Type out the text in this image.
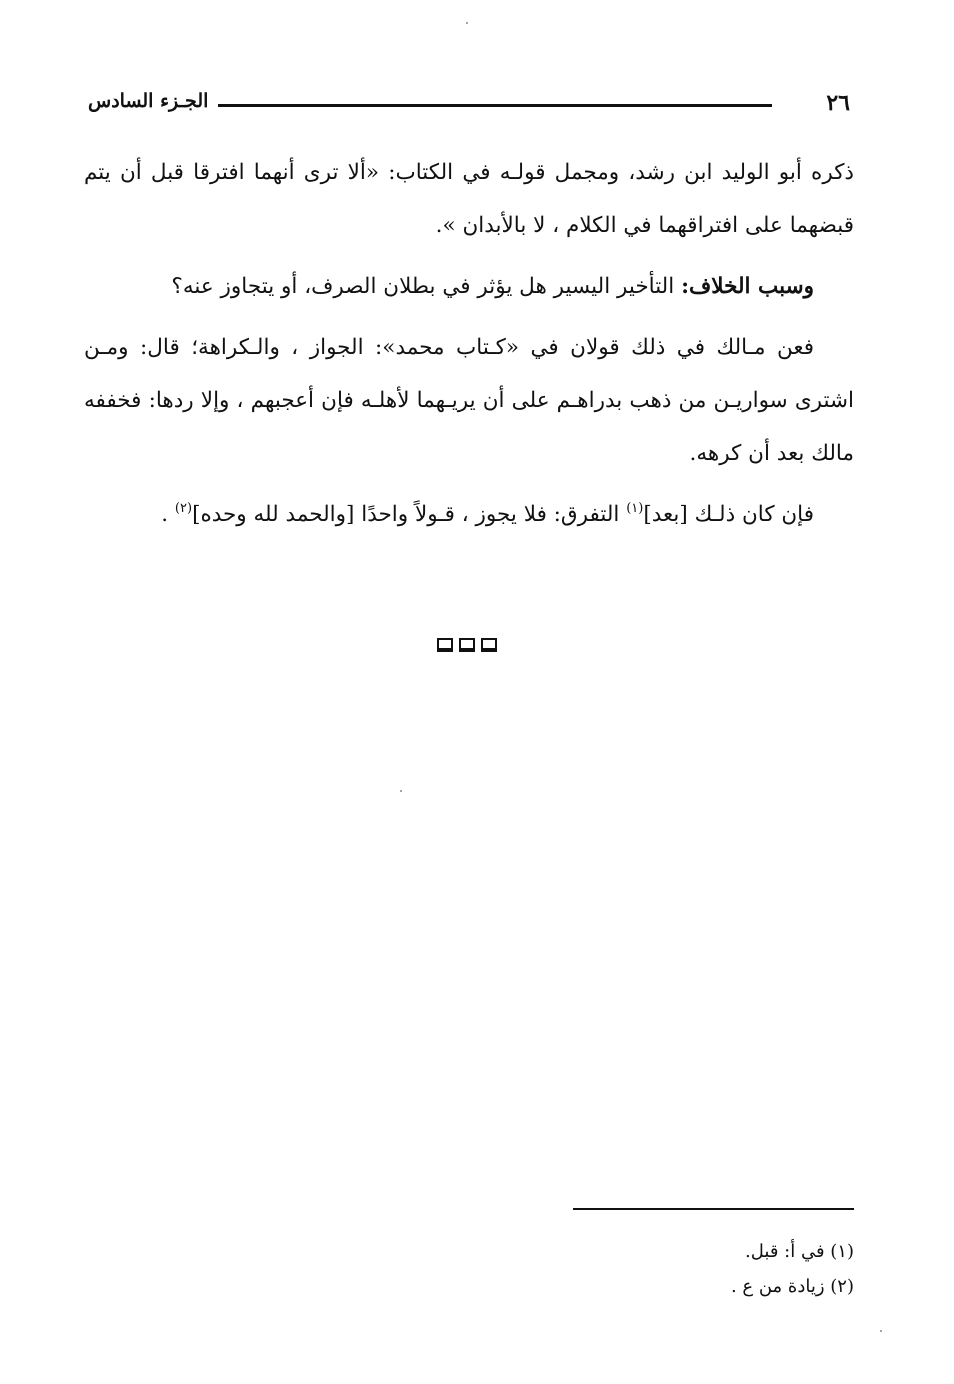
٢٦
الجـزء السادس

ذكره أبو الوليد ابن رشد، ومجمل قولـه في الكتاب: «ألا ترى أنهما افترقا قبل أن يتم قبضهما على افتراقهما في الكلام ، لا بالأبدان ».

وسبب الخلاف: التأخير اليسير هل يؤثر في بطلان الصرف، أو يتجاوز عنه؟

فعن مـالك في ذلك قولان في «كـتاب محمد»: الجواز ، والـكراهة؛ قال: ومـن اشترى سواريـن من ذهب بدراهـم على أن يريـهما لأهلـه فإن أعجبهم ، وإلا ردها: فخففه مالك بعد أن كرهه.

فإن كان ذلـك [بعد]$^{(١)}$ التفرق: فلا يجوز ، قـولاً واحدًا [والحمد لله وحده]$^{(٢)}$ .

(١) في أ: قبل.
(٢) زيادة من ع .
